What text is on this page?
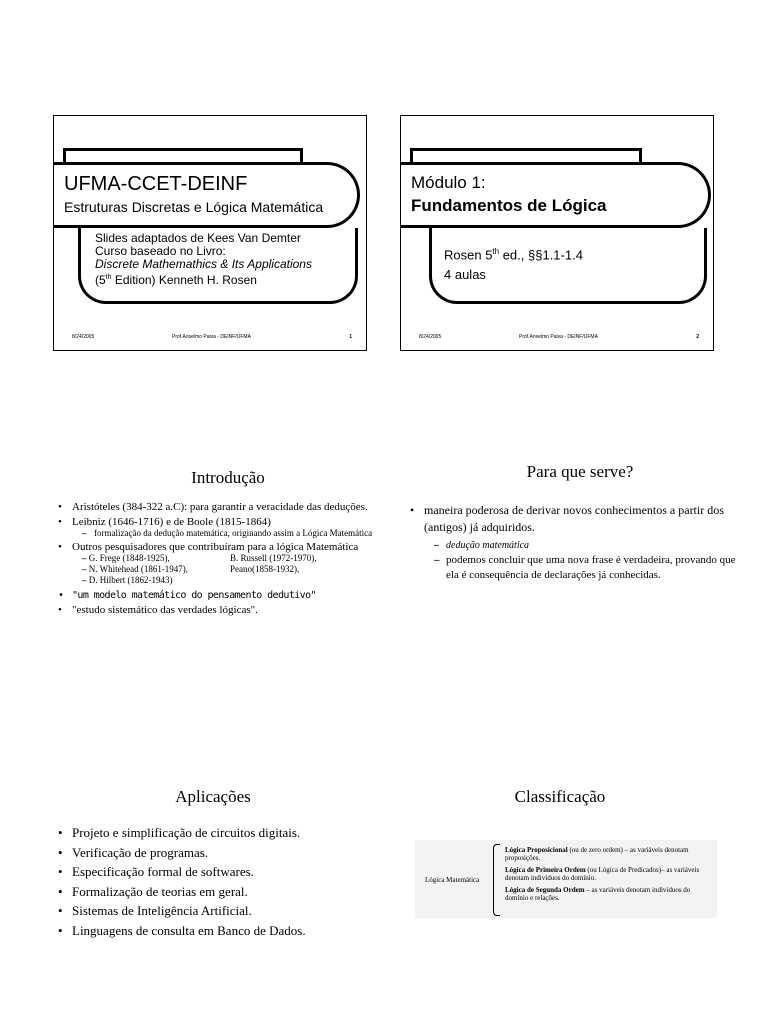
UFMA-CCET-DEINF
Estruturas Discretas e Lógica Matemática
Slides adaptados de Kees Van Demter
Curso baseado no Livro:
Discrete Mathemathics & Its Applications
(5th Edition) Kenneth H. Rosen
8/24/2005	Prof.Anselmo Paiva - DEINF/UFMA	1
Módulo 1:
Fundamentos de Lógica
Rosen 5th ed., §§1.1-1.4
4 aulas
8/24/2005	Prof.Anselmo Paiva - DEINF/UFMA	2
Introdução
• Aristóteles (384-322 a.C): para garantir a veracidade das deduções.
• Leibniz (1646-1716) e de Boole (1815-1864)
– formalização da dedução matemática, originando assim a Lógica Matemática
• Outros pesquisadores que contribuíram para a lógica Matemática
– G. Frege (1848-1925),	B. Russell (1972-1970),
– N. Whitehead (1861-1947),	Peano(1858-1932),
– D. Hilbert (1862-1943)
• "um modelo matemático do pensamento dedutivo"
• "estudo sistemático das verdades lógicas".
Para que serve?
• maneira poderosa de derivar novos conhecimentos a partir dos (antigos) já adquiridos.
– dedução matemática
– podemos concluir que uma nova frase é verdadeira, provando que ela é consequência de declarações já conhecidas.
Aplicações
• Projeto e simplificação de circuitos digitais.
• Verificação de programas.
• Especificação formal de softwares.
• Formalização de teorias em geral.
• Sistemas de Inteligência Artificial.
• Linguagens de consulta em Banco de Dados.
Classificação
Lógica Matemática
Lógica Proposicional (ou de zero ordem) – as variáveis denotam proposições.
Lógica de Primeira Ordem (ou Lógica de Predicados)– as variáveis denotam indivíduos do domínio.
Lógica de Segunda Ordem – as variáveis denotam indivíduos do domínio e relações.
